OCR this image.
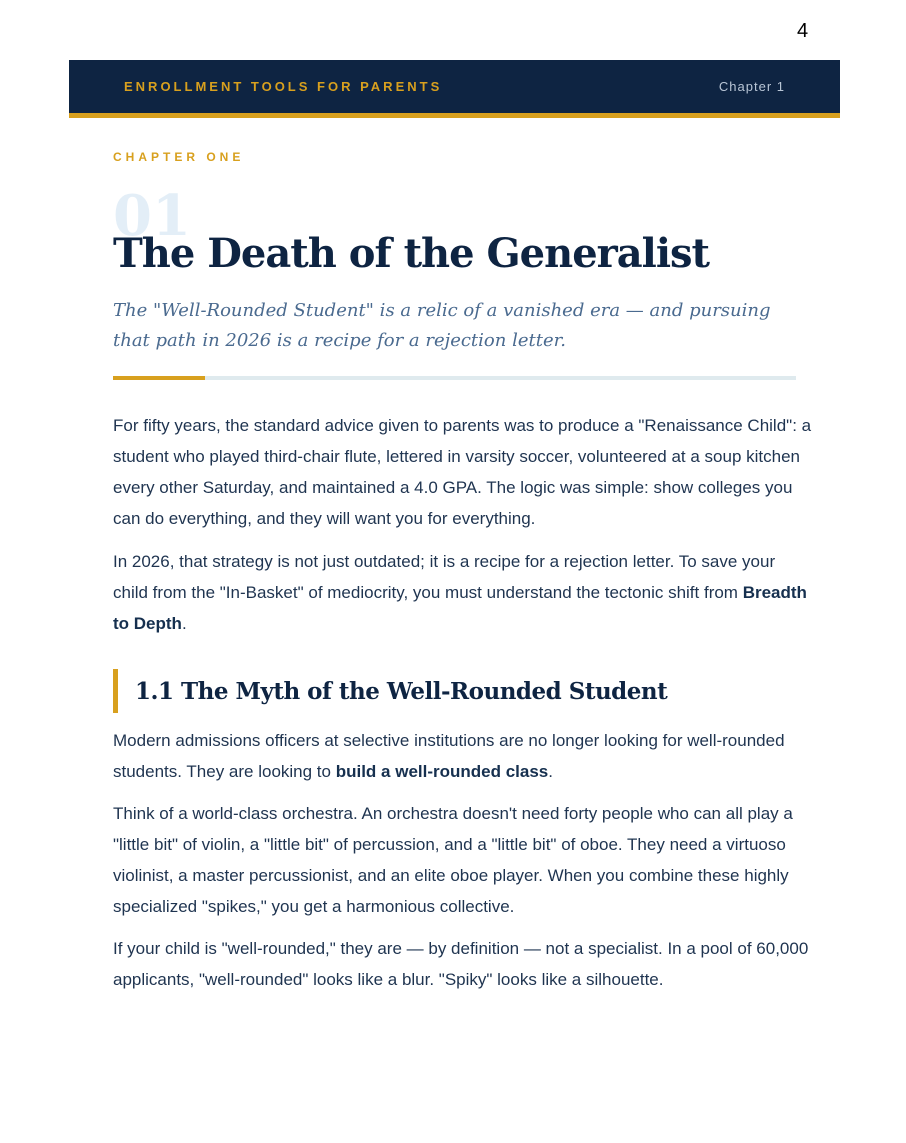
4
ENROLLMENT TOOLS FOR PARENTS	Chapter 1

CHAPTER ONE

01
The Death of the Generalist

The "Well-Rounded Student" is a relic of a vanished era — and pursuing that path in 2026 is a recipe for a rejection letter.

For fifty years, the standard advice given to parents was to produce a "Renaissance Child": a student who played third-chair flute, lettered in varsity soccer, volunteered at a soup kitchen every other Saturday, and maintained a 4.0 GPA. The logic was simple: show colleges you can do everything, and they will want you for everything.

In 2026, that strategy is not just outdated; it is a recipe for a rejection letter. To save your child from the "In-Basket" of mediocrity, you must understand the tectonic shift from Breadth to Depth.

1.1 The Myth of the Well-Rounded Student

Modern admissions officers at selective institutions are no longer looking for well-rounded students. They are looking to build a well-rounded class.

Think of a world-class orchestra. An orchestra doesn't need forty people who can all play a "little bit" of violin, a "little bit" of percussion, and a "little bit" of oboe. They need a virtuoso violinist, a master percussionist, and an elite oboe player. When you combine these highly specialized "spikes," you get a harmonious collective.

If your child is "well-rounded," they are — by definition — not a specialist. In a pool of 60,000 applicants, "well-rounded" looks like a blur. "Spiky" looks like a silhouette.
